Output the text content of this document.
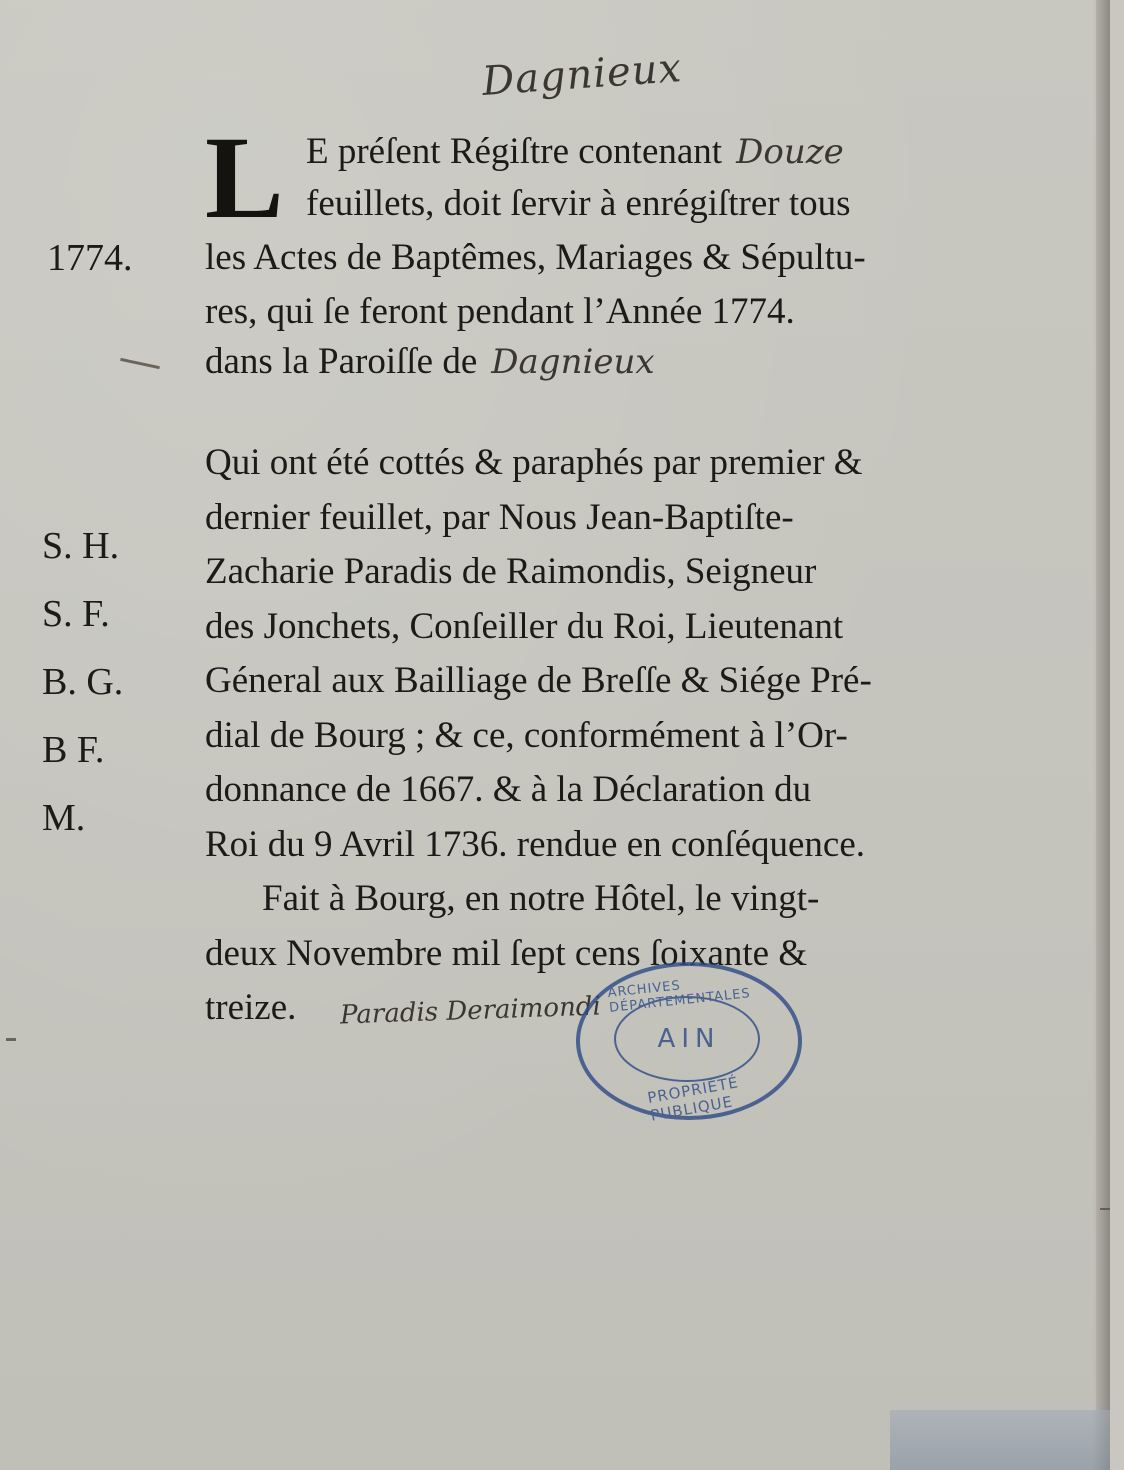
Dagnieux
L E préſent Régiſtre contenant Douze
feuillets, doit ſervir à enrégiſtrer tous
les Actes de Baptêmes, Mariages & Sépultu-
res, qui ſe feront pendant l’Année 1774.
dans la Paroiſſe de Dagnieux
1774.
S. H.
S. F.
B. G.
B F.
M.
Qui ont été cottés & paraphés par premier &
dernier feuillet, par Nous Jean-Baptiſte-
Zacharie Paradis de Raimondis, Seigneur
des Jonchets, Conſeiller du Roi, Lieutenant
Géneral aux Bailliage de Breſſe & Siége Pré-
dial de Bourg ; & ce, conformément à l’Or-
donnance de 1667. & à la Déclaration du
Roi du 9 Avril 1736. rendue en conſéquence.
Fait à Bourg, en notre Hôtel, le vingt-
deux Novembre mil ſept cens ſoixante &
treize. Paradis Deraimondi
ARCHIVES DÉPARTEMENTALES
AIN
PROPRIÉTÉ PUBLIQUE
